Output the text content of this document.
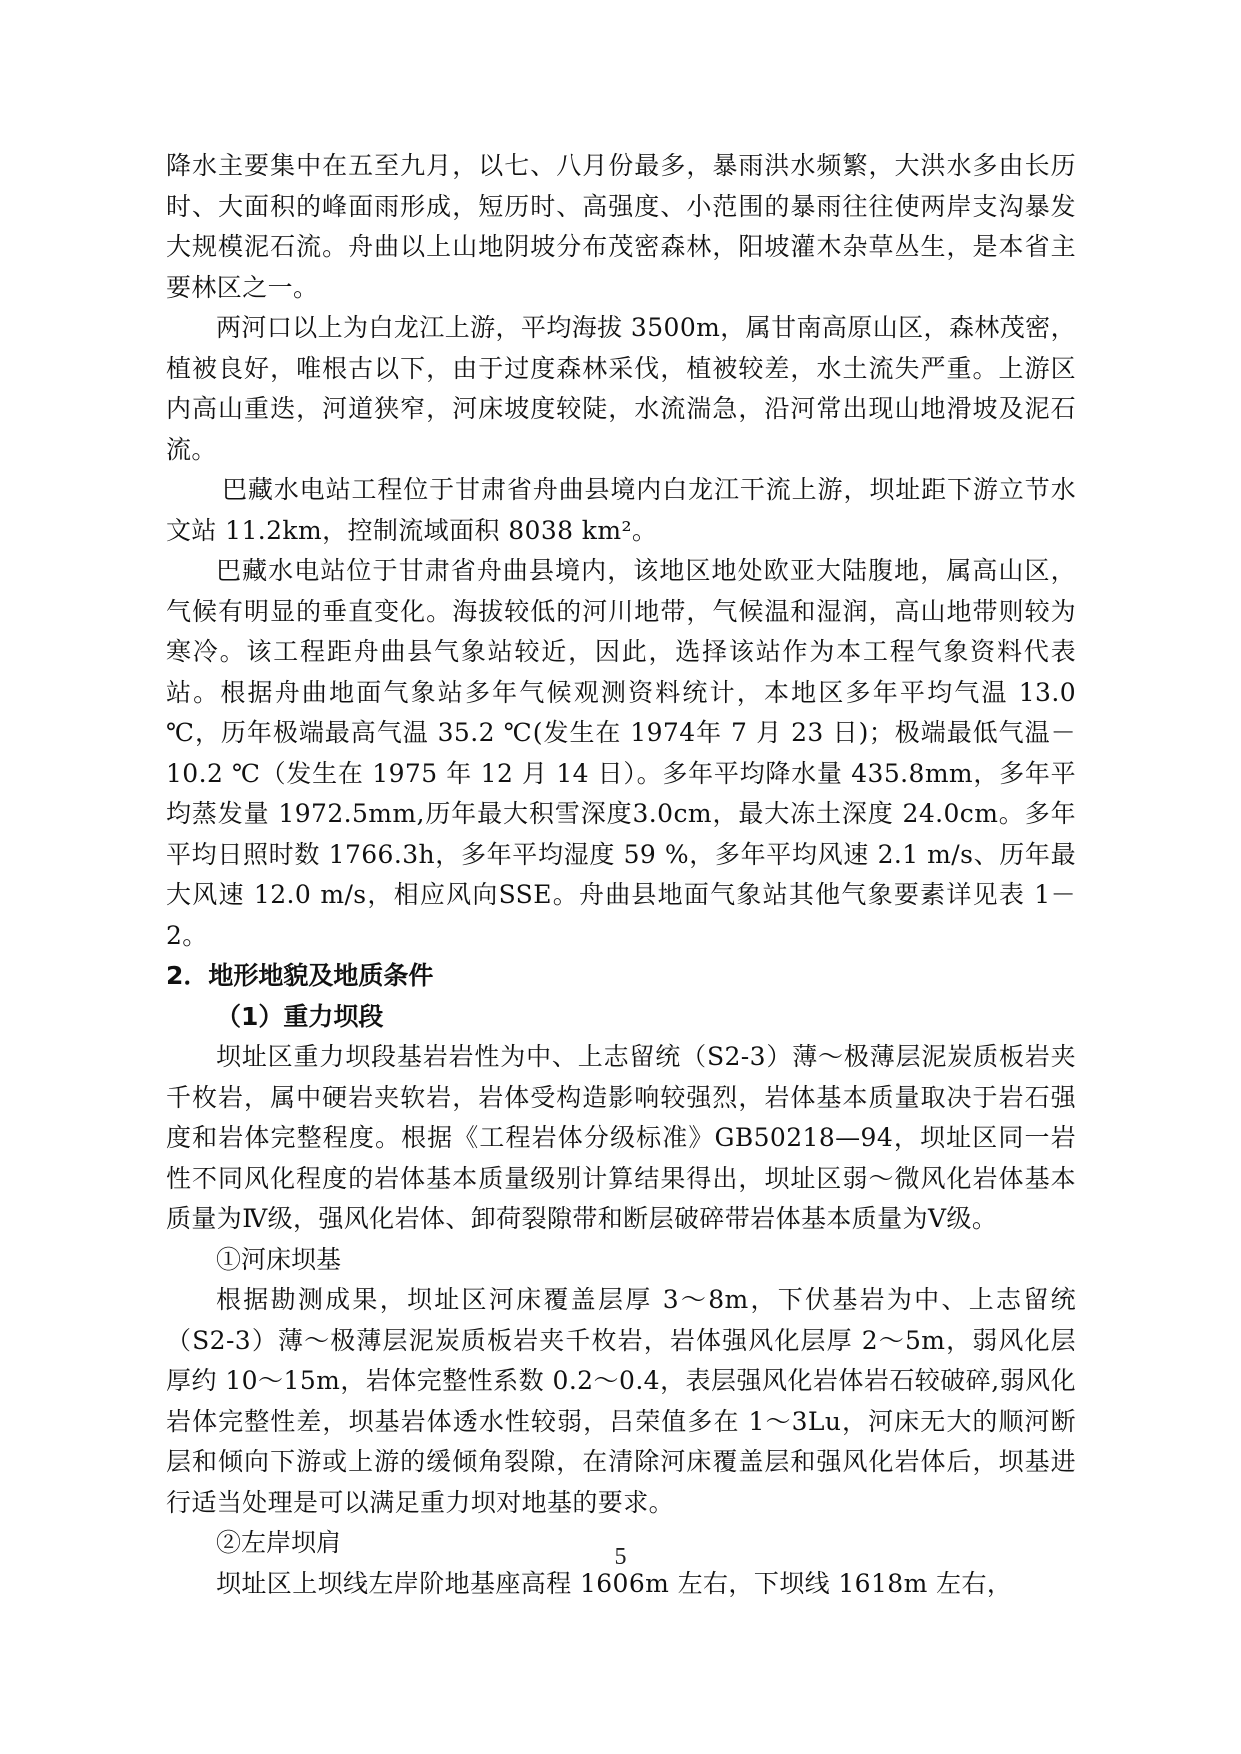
降水主要集中在五至九月，以七、八月份最多，暴雨洪水频繁，大洪水多由长历时、大面积的峰面雨形成，短历时、高强度、小范围的暴雨往往使两岸支沟暴发大规模泥石流。舟曲以上山地阴坡分布茂密森林，阳坡灌木杂草丛生，是本省主要林区之一。

两河口以上为白龙江上游，平均海拔 3500m，属甘南高原山区，森林茂密，植被良好，唯根古以下，由于过度森林采伐，植被较差，水土流失严重。上游区内高山重迭，河道狭窄，河床坡度较陡，水流湍急，沿河常出现山地滑坡及泥石流。

巴藏水电站工程位于甘肃省舟曲县境内白龙江干流上游，坝址距下游立节水文站 11.2km，控制流域面积 8038 km²。

巴藏水电站位于甘肃省舟曲县境内，该地区地处欧亚大陆腹地，属高山区，气候有明显的垂直变化。海拔较低的河川地带，气候温和湿润，高山地带则较为寒冷。该工程距舟曲县气象站较近，因此，选择该站作为本工程气象资料代表站。根据舟曲地面气象站多年气候观测资料统计，本地区多年平均气温 13.0 ℃，历年极端最高气温 35.2 ℃(发生在 1974年 7 月 23 日)；极端最低气温－10.2 ℃（发生在 1975 年 12 月 14 日）。多年平均降水量 435.8mm，多年平均蒸发量 1972.5mm,历年最大积雪深度3.0cm，最大冻土深度 24.0cm。多年平均日照时数 1766.3h，多年平均湿度 59 %，多年平均风速 2.1 m/s、历年最大风速 12.0 m/s，相应风向SSE。舟曲县地面气象站其他气象要素详见表 1－2。

2．地形地貌及地质条件

（1）重力坝段

坝址区重力坝段基岩岩性为中、上志留统（S2-3）薄～极薄层泥炭质板岩夹千枚岩，属中硬岩夹软岩，岩体受构造影响较强烈，岩体基本质量取决于岩石强度和岩体完整程度。根据《工程岩体分级标准》GB50218—94，坝址区同一岩性不同风化程度的岩体基本质量级别计算结果得出，坝址区弱～微风化岩体基本质量为Ⅳ级，强风化岩体、卸荷裂隙带和断层破碎带岩体基本质量为Ⅴ级。

①河床坝基

根据勘测成果，坝址区河床覆盖层厚 3～8m，下伏基岩为中、上志留统（S2-3）薄～极薄层泥炭质板岩夹千枚岩，岩体强风化层厚 2～5m，弱风化层厚约 10～15m，岩体完整性系数 0.2～0.4，表层强风化岩体岩石较破碎,弱风化岩体完整性差，坝基岩体透水性较弱，吕荣值多在 1～3Lu，河床无大的顺河断层和倾向下游或上游的缓倾角裂隙，在清除河床覆盖层和强风化岩体后，坝基进行适当处理是可以满足重力坝对地基的要求。

②左岸坝肩

坝址区上坝线左岸阶地基座高程 1606m 左右，下坝线 1618m 左右，

5
